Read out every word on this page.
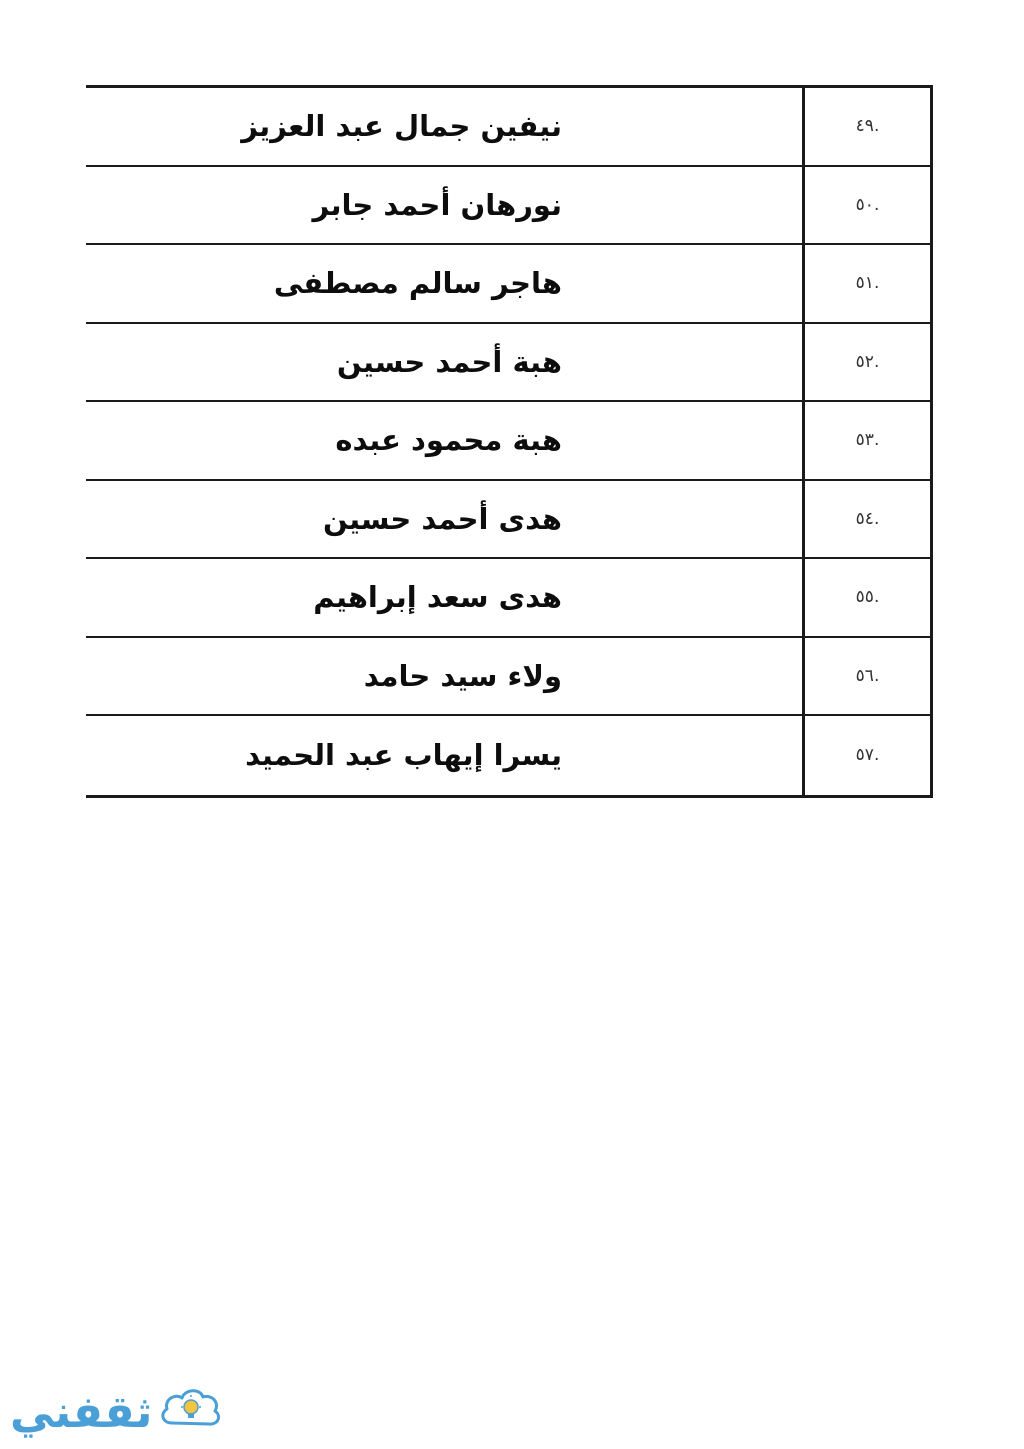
.٤٩
نيفين جمال عبد العزيز
.٥٠
نورهان أحمد جابر
.٥١
هاجر سالم مصطفى
.٥٢
هبة أحمد حسين
.٥٣
هبة محمود عبده
.٥٤
هدى أحمد حسين
.٥٥
هدى سعد إبراهيم
.٥٦
ولاء سيد حامد
.٥٧
يسرا إيهاب عبد الحميد
ثقفني
